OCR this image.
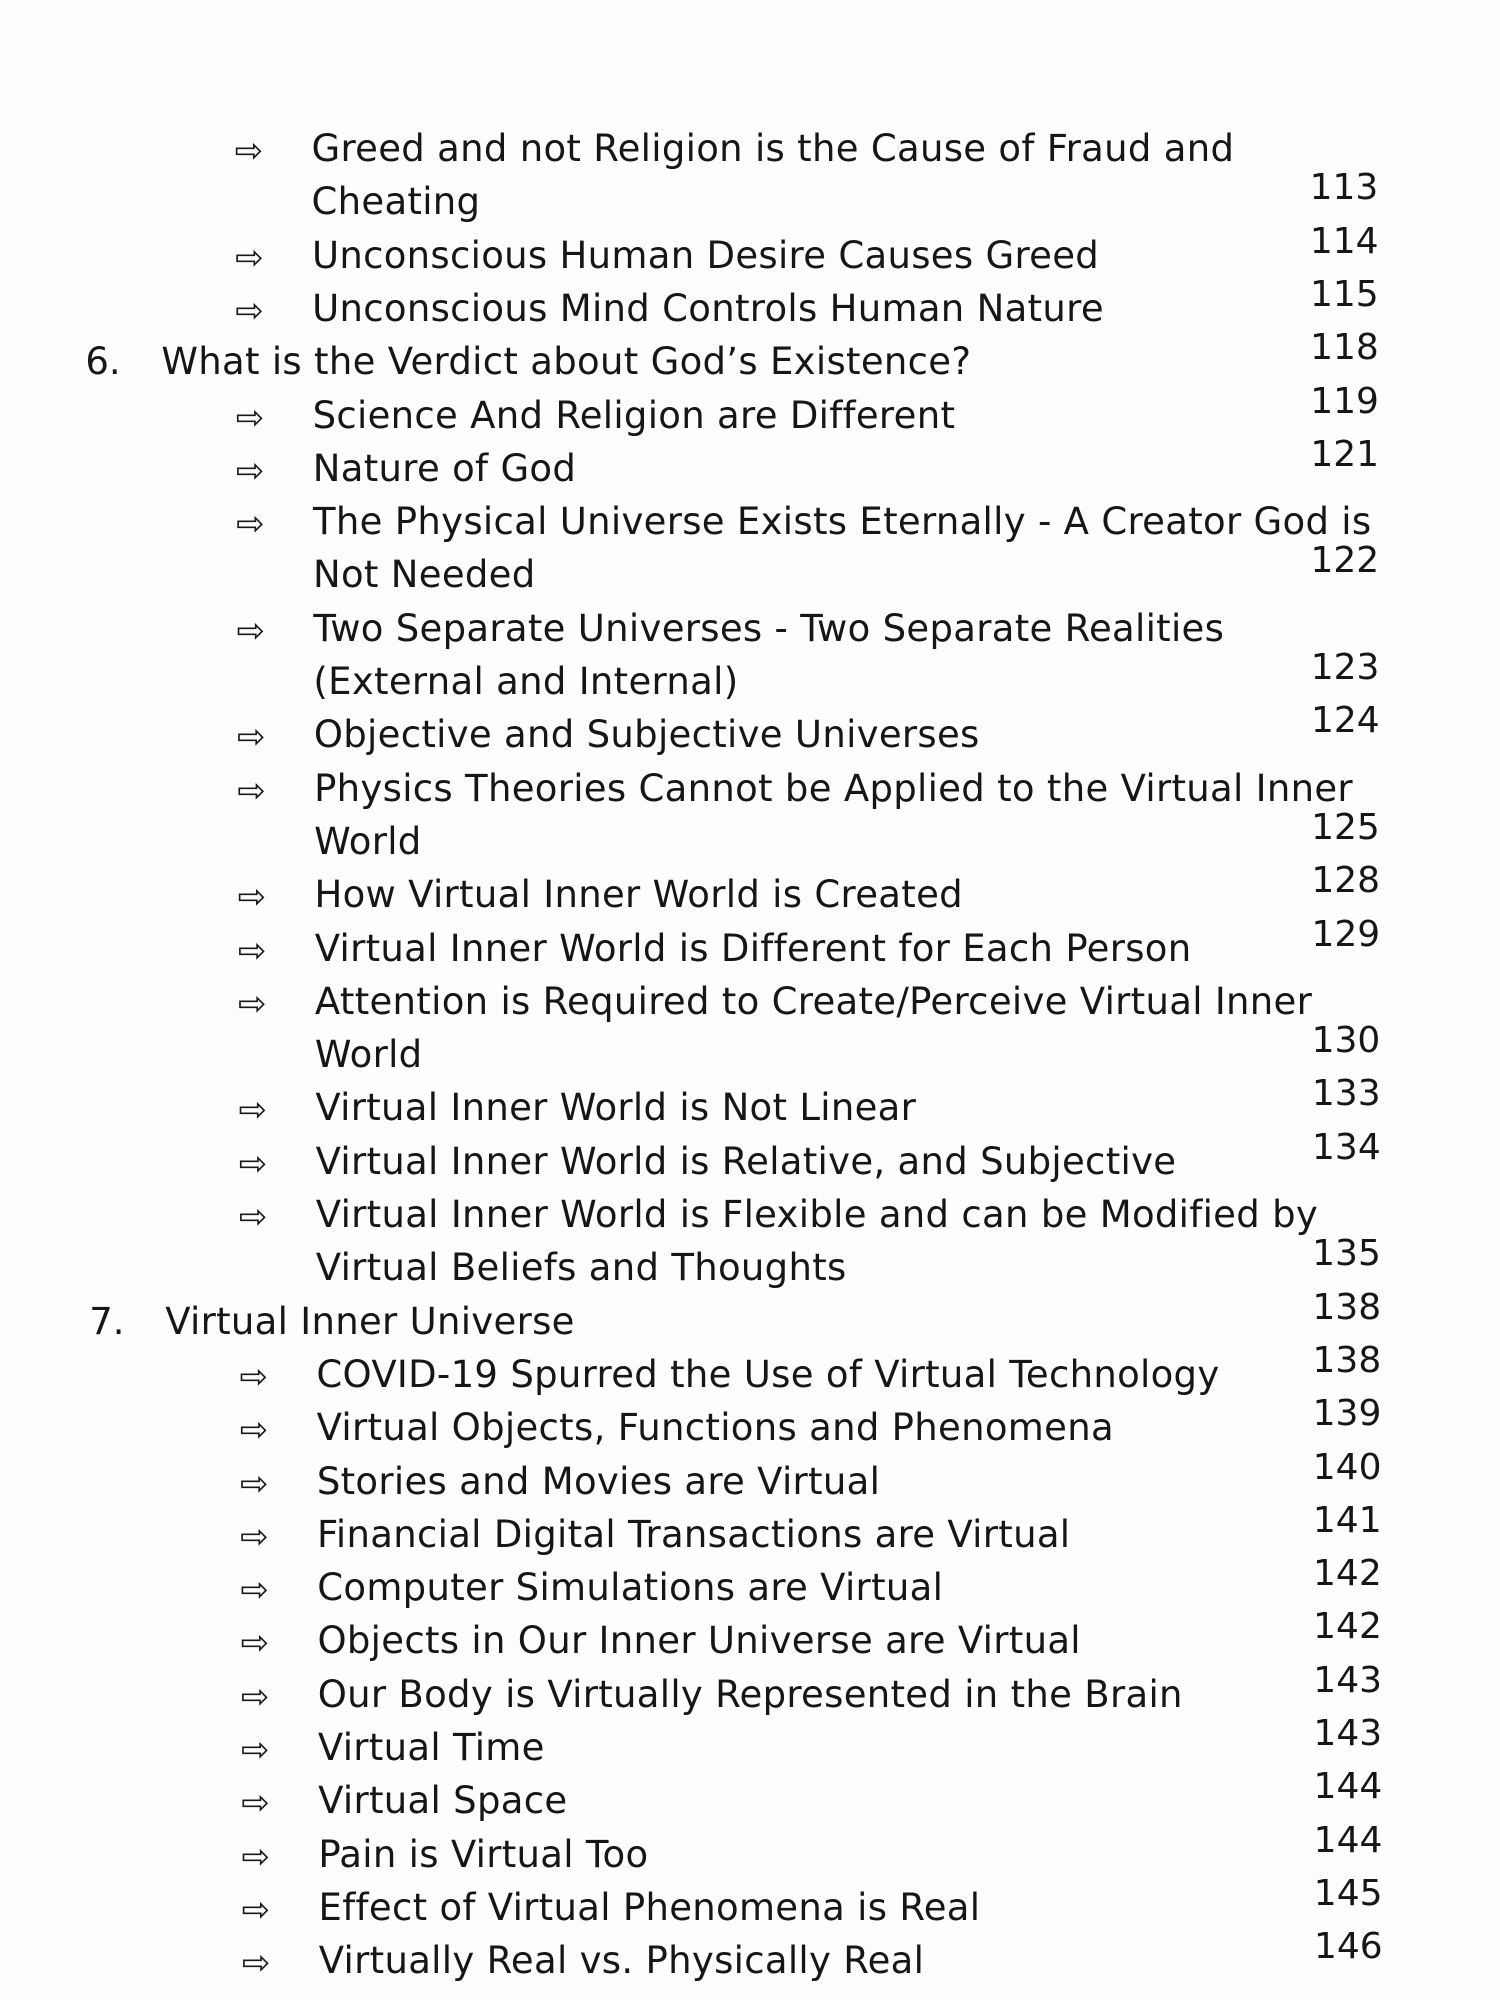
⇨ Greed and not Religion is the Cause of Fraud and
Cheating	113
⇨ Unconscious Human Desire Causes Greed	114
⇨ Unconscious Mind Controls Human Nature	115
6. What is the Verdict about God’s Existence?	118
⇨ Science And Religion are Different	119
⇨ Nature of God	121
⇨ The Physical Universe Exists Eternally - A Creator God is
Not Needed	122
⇨ Two Separate Universes - Two Separate Realities
(External and Internal)	123
⇨ Objective and Subjective Universes	124
⇨ Physics Theories Cannot be Applied to the Virtual Inner
World	125
⇨ How Virtual Inner World is Created	128
⇨ Virtual Inner World is Different for Each Person	129
⇨ Attention is Required to Create/Perceive Virtual Inner
World	130
⇨ Virtual Inner World is Not Linear	133
⇨ Virtual Inner World is Relative, and Subjective	134
⇨ Virtual Inner World is Flexible and can be Modified by
Virtual Beliefs and Thoughts	135
7. Virtual Inner Universe	138
⇨ COVID-19 Spurred the Use of Virtual Technology	138
⇨ Virtual Objects, Functions and Phenomena	139
⇨ Stories and Movies are Virtual	140
⇨ Financial Digital Transactions are Virtual	141
⇨ Computer Simulations are Virtual	142
⇨ Objects in Our Inner Universe are Virtual	142
⇨ Our Body is Virtually Represented in the Brain	143
⇨ Virtual Time	143
⇨ Virtual Space	144
⇨ Pain is Virtual Too	144
⇨ Effect of Virtual Phenomena is Real	145
⇨ Virtually Real vs. Physically Real	146
